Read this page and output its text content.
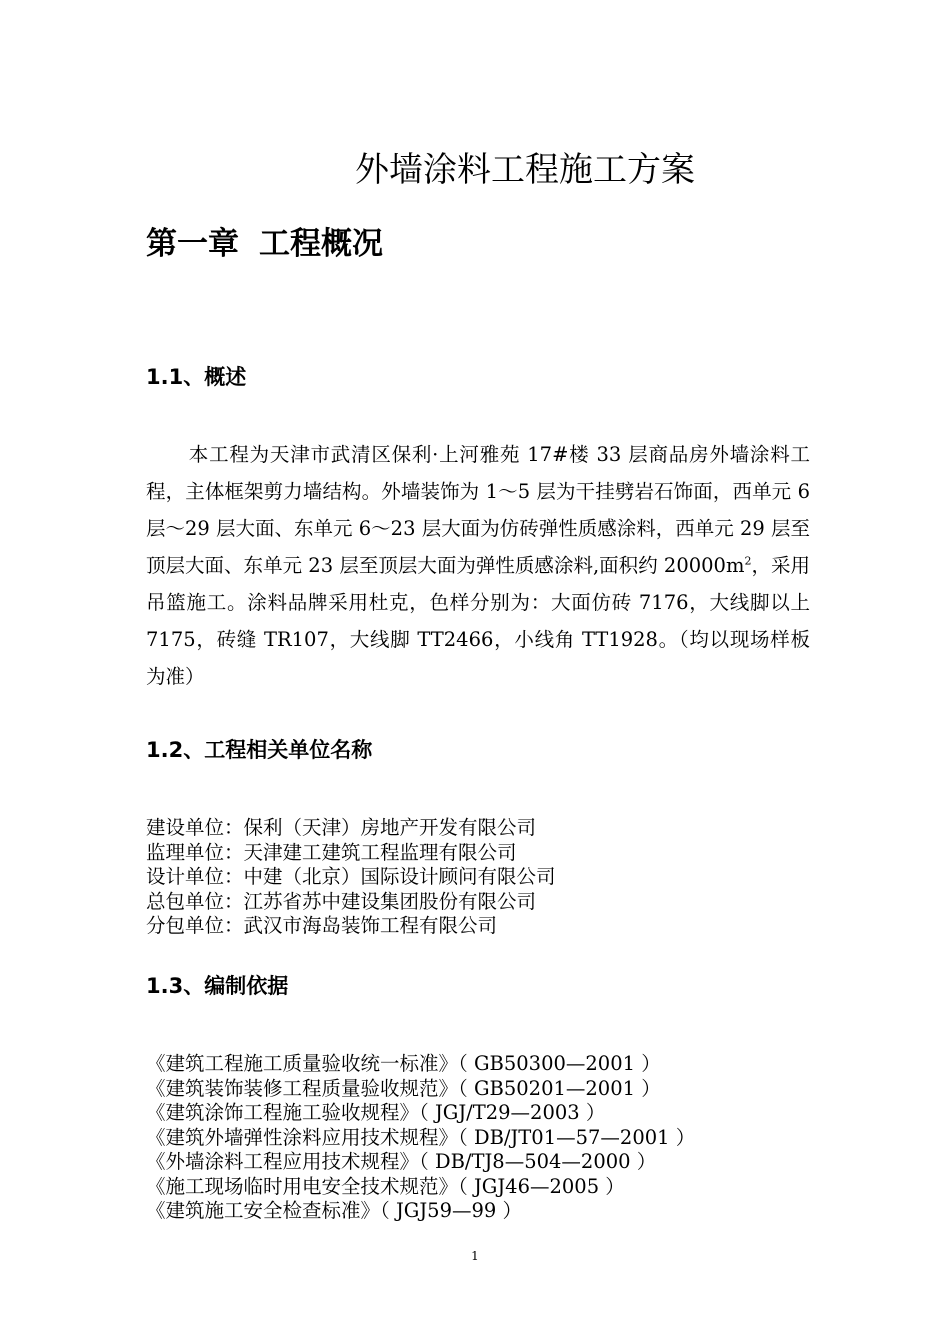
外墙涂料工程施工方案
第一章 工程概况
1.1、概述

本工程为天津市武清区保利·上河雅苑 17#楼 33 层商品房外墙涂料工程，主体框架剪力墙结构。外墙装饰为 1～5 层为干挂劈岩石饰面，西单元 6 层～29 层大面、东单元 6～23 层大面为仿砖弹性质感涂料，西单元 29 层至顶层大面、东单元 23 层至顶层大面为弹性质感涂料,面积约 $20000m^2$，采用吊篮施工。涂料品牌采用杜克，色样分别为：大面仿砖 7176，大线脚以上 7175，砖缝 TR107，大线脚 TT2466，小线角 TT1928。（均以现场样板为准）

1.2、工程相关单位名称
建设单位：保利（天津）房地产开发有限公司
监理单位：天津建工建筑工程监理有限公司
设计单位：中建（北京）国际设计顾问有限公司
总包单位：江苏省苏中建设集团股份有限公司
分包单位：武汉市海岛装饰工程有限公司
1.3、编制依据
《建筑工程施工质量验收统一标准》（ GB50300—2001 ）
《建筑装饰装修工程质量验收规范》（ GB50201—2001 ）
《建筑涂饰工程施工验收规程》（ JGJ/T29—2003 ）
《建筑外墙弹性涂料应用技术规程》（ DB/JT01—57—2001 ）
《外墙涂料工程应用技术规程》（ DB/TJ8—504—2000 ）
《施工现场临时用电安全技术规范》（ JGJ46—2005 ）
《建筑施工安全检查标准》（ JGJ59—99 ）
1
